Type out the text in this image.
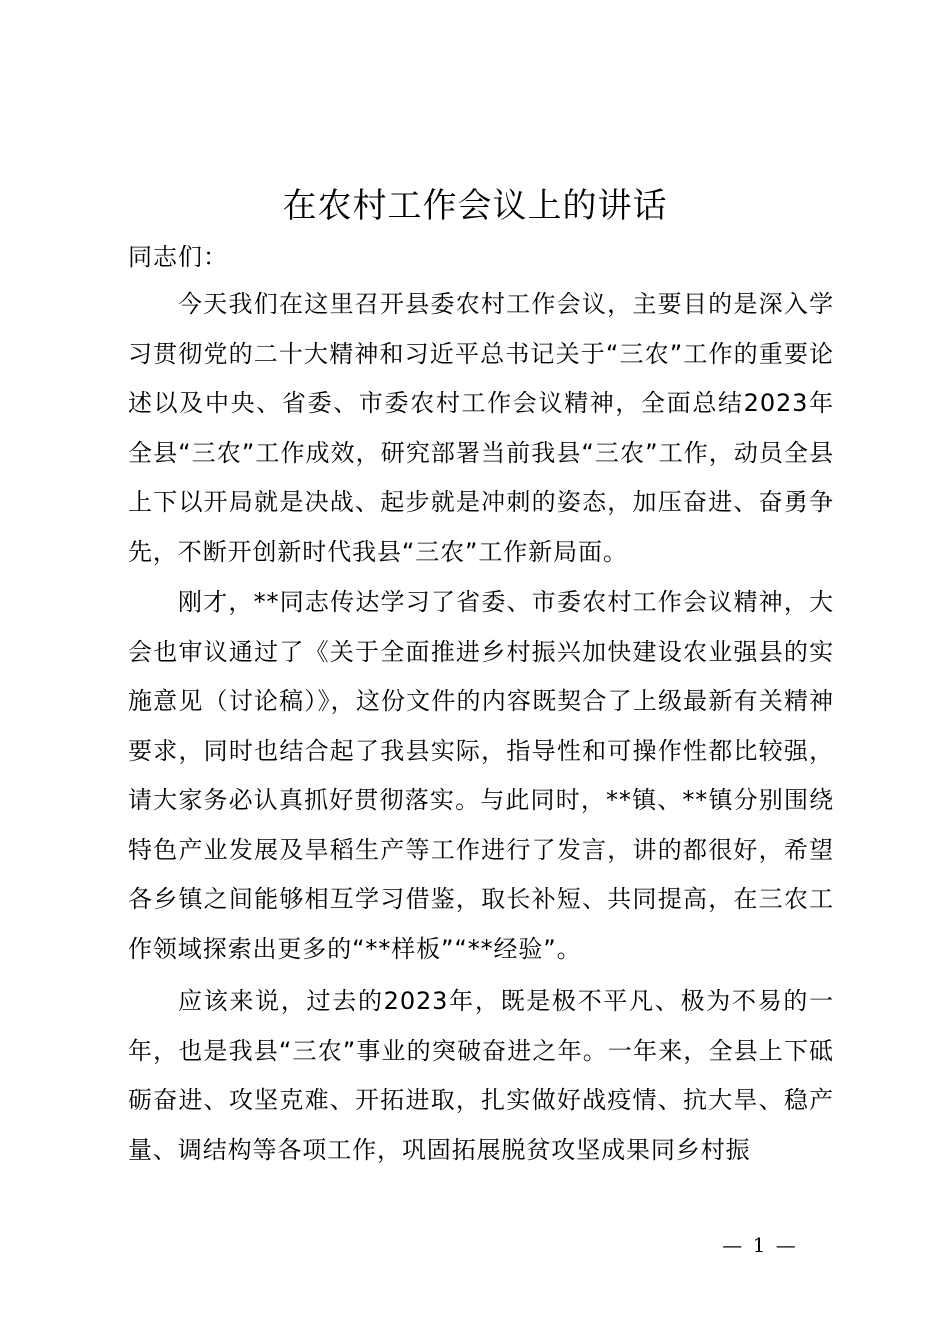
在农村工作会议上的讲话

同志们：

今天我们在这里召开县委农村工作会议，主要目的是深入学习贯彻党的二十大精神和习近平总书记关于“三农”工作的重要论述以及中央、省委、市委农村工作会议精神，全面总结2023年全县“三农”工作成效，研究部署当前我县“三农”工作，动员全县上下以开局就是决战、起步就是冲刺的姿态，加压奋进、奋勇争先，不断开创新时代我县“三农”工作新局面。

刚才，**同志传达学习了省委、市委农村工作会议精神，大会也审议通过了《关于全面推进乡村振兴加快建设农业强县的实施意见（讨论稿）》，这份文件的内容既契合了上级最新有关精神要求，同时也结合起了我县实际，指导性和可操作性都比较强，请大家务必认真抓好贯彻落实。与此同时，**镇、**镇分别围绕特色产业发展及旱稻生产等工作进行了发言，讲的都很好，希望各乡镇之间能够相互学习借鉴，取长补短、共同提高，在三农工作领域探索出更多的“**样板”“**经验”。

应该来说，过去的2023年，既是极不平凡、极为不易的一年，也是我县“三农”事业的突破奋进之年。一年来，全县上下砥砺奋进、攻坚克难、开拓进取，扎实做好战疫情、抗大旱、稳产量、调结构等各项工作，巩固拓展脱贫攻坚成果同乡村振

— 1 —
